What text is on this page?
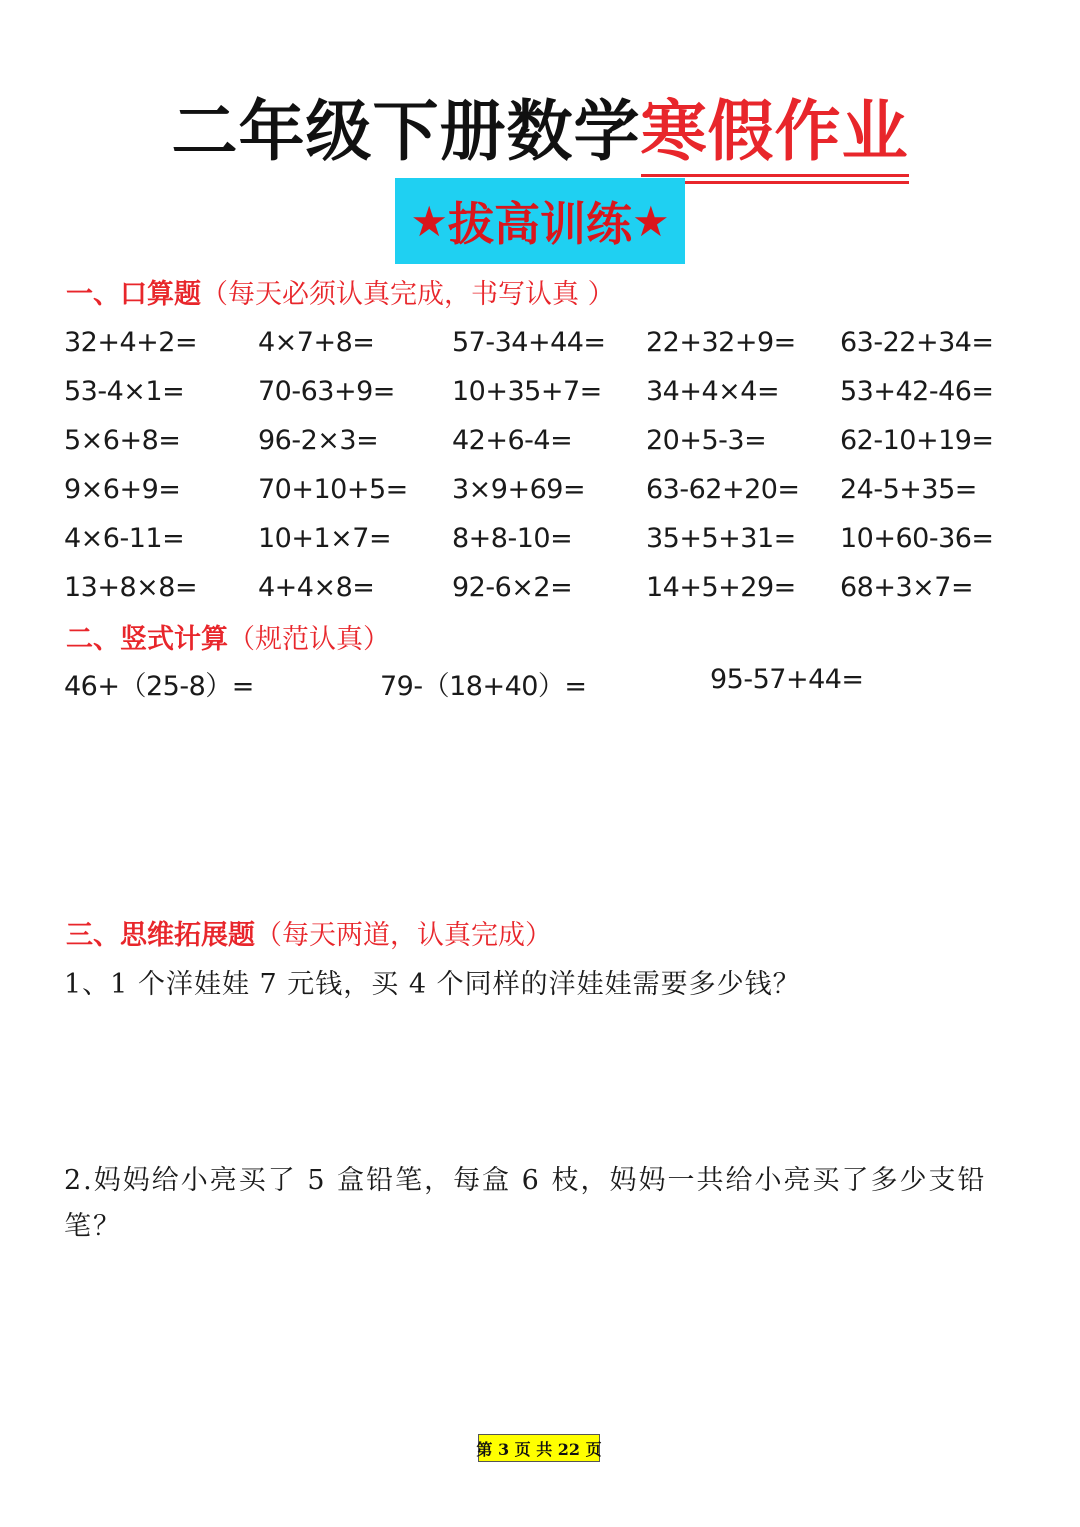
二年级下册数学寒假作业
★ 拔高训练 ★
一、口算题（每天必须认真完成，书写认真 ）
32+4+2=	4×7+8=	57-34+44=	22+32+9=	63-22+34=
53-4×1=	70-63+9=	10+35+7=	34+4×4=	53+42-46=
5×6+8=	96-2×3=	42+6-4=	20+5-3=	62-10+19=
9×6+9=	70+10+5=	3×9+69=	63-62+20=	24-5+35=
4×6-11=	10+1×7=	8+8-10=	35+5+31=	10+60-36=
13+8×8=	4+4×8=	92-6×2=	14+5+29=	68+3×7=
二、竖式计算（规范认真）
46+（25-8）=	79-（18+40）=	95-57+44=
三、思维拓展题（每天两道，认真完成）
1、1 个洋娃娃 7 元钱，买 4 个同样的洋娃娃需要多少钱？
2.妈妈给小亮买了 5 盒铅笔，每盒 6 枝，妈妈一共给小亮买了多少支铅笔？
第 3 页 共 22 页
